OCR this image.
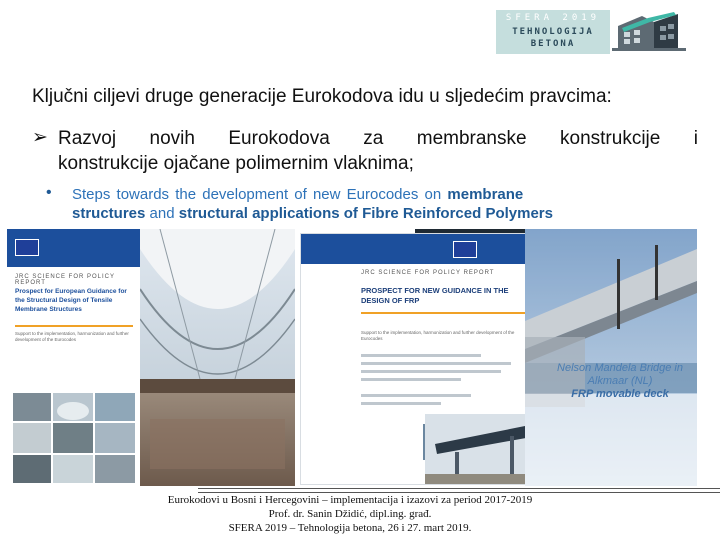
SFERA 2019
TEHNOLOGIJA
BETONA
Ključni ciljevi druge generacije Eurokodova idu u sljedećim pravcima:
➢ Razvoj novih Eurokodova za membranske konstrukcije i
konstrukcije ojačane polimernim vlaknima;
• Steps towards the development of new Eurocodes on membrane
structures and structural applications of Fibre Reinforced Polymers
JRC SCIENCE FOR POLICY REPORT
Prospect for European Guidance for the Structural Design of Tensile Membrane Structures
Support to the implementation, harmonization and further development of the Eurocodes
JRC SCIENCE FOR POLICY REPORT
PROSPECT FOR NEW GUIDANCE IN THE DESIGN OF FRP
Support to the implementation, harmonization and further development of the Eurocodes
Nelson Mandela Bridge in
Alkmaar (NL)
FRP movable deck
Eurokodovi u Bosni i Hercegovini – implementacija i izazovi za period 2017-2019
Prof. dr. Sanin Džidić, dipl.ing. građ.
SFERA 2019 – Tehnologija betona, 26 i 27. mart 2019.
